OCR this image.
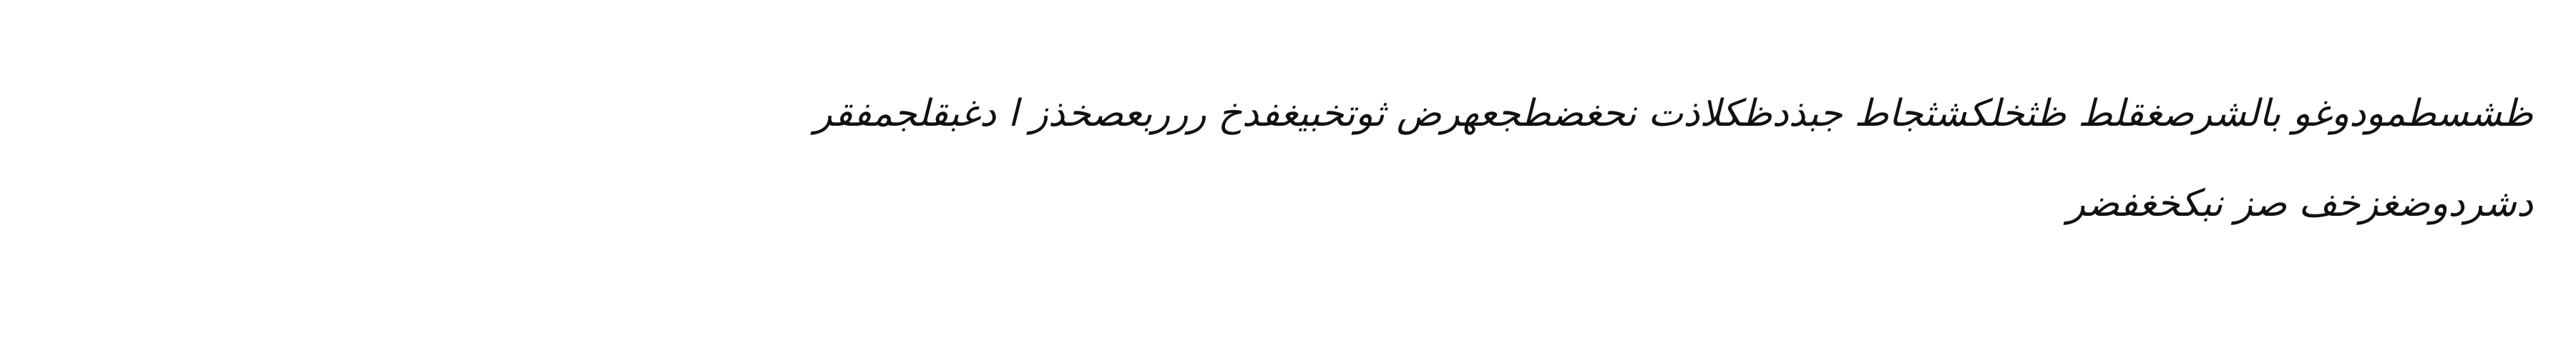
ظشسطمودوغو بالشرصغقلط ظثخلكشثجاط جبذدظكلاذت نحغضطجعهرض ثوتخبيغفدخ ررربعصخذز ا دغبقلجمفقر
دشردوضغزخف صز نبكخغفضر
